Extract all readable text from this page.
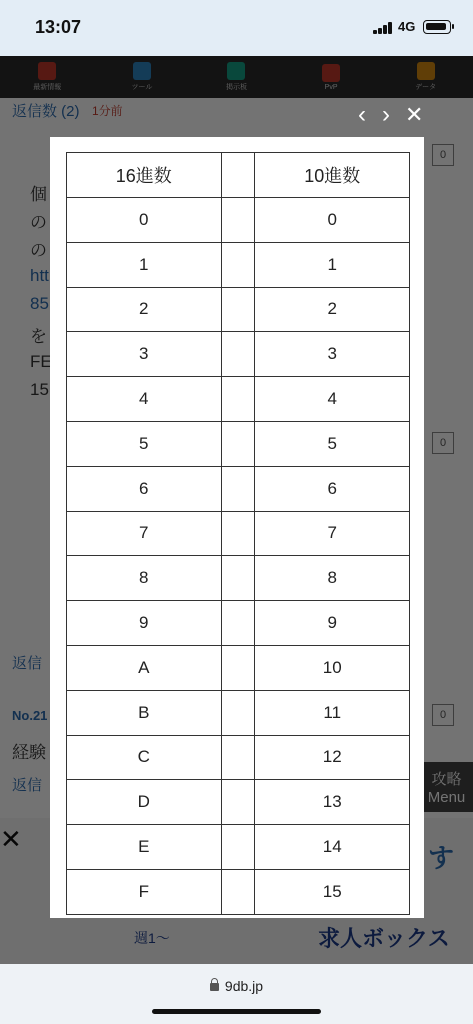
13:07	4G
‹ › ✕
16進数		10進数
0		0
1		1
2		2
3		3
4		4
5		5
6		6
7		7
8		8
9		9
A		10
B		11
C		12
D		13
E		14
F		15
9db.jp
